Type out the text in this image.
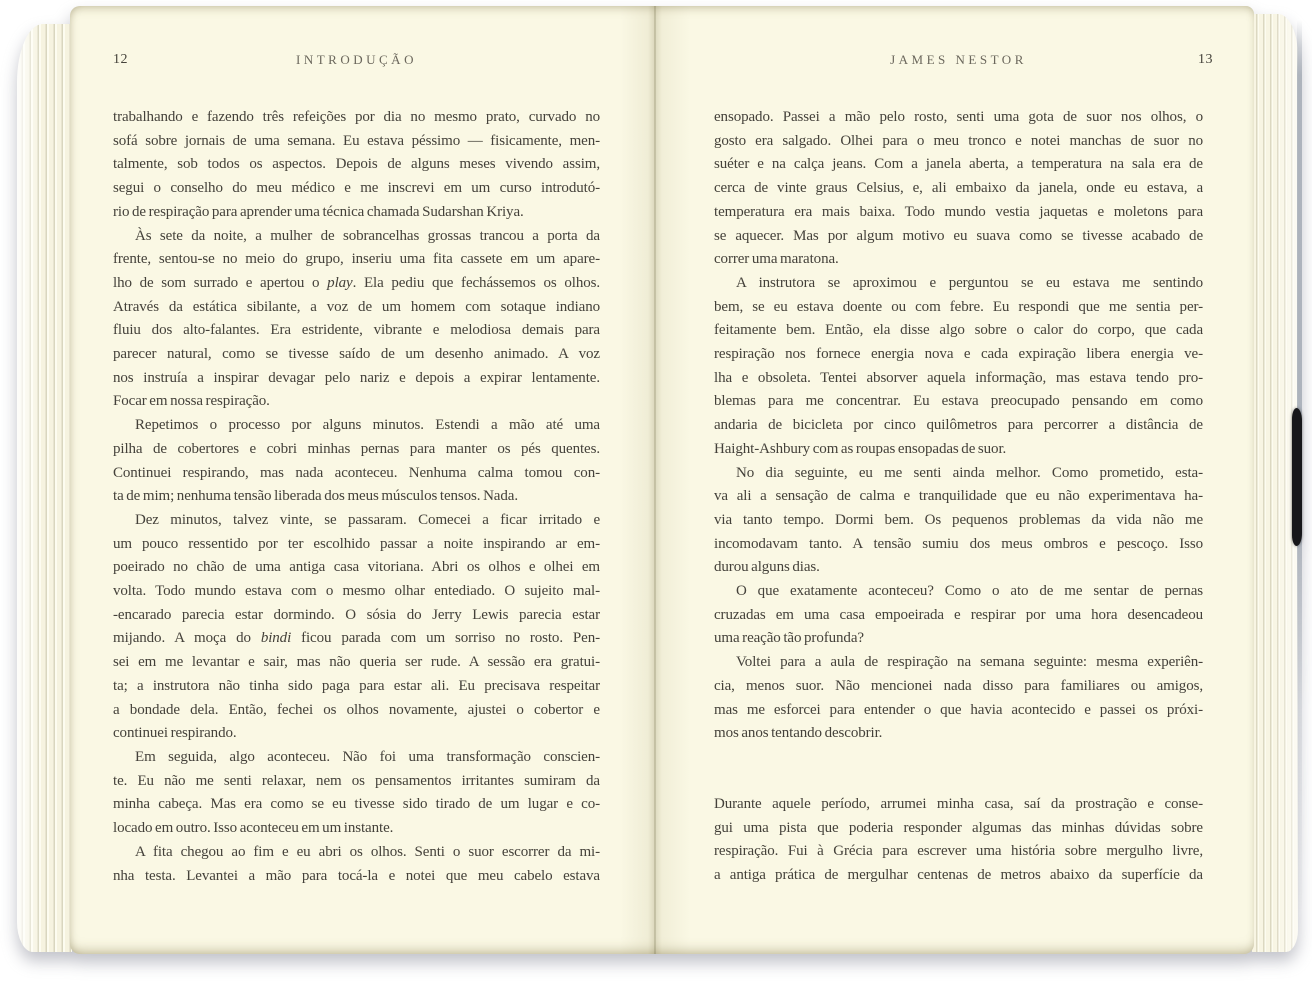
12	INTRODUÇÃO
trabalhando e fazendo três refeições por dia no mesmo prato, curvado no
sofá sobre jornais de uma semana. Eu estava péssimo — fisicamente, men-
talmente, sob todos os aspectos. Depois de alguns meses vivendo assim,
segui o conselho do meu médico e me inscrevi em um curso introdutó-
rio de respiração para aprender uma técnica chamada Sudarshan Kriya.
Às sete da noite, a mulher de sobrancelhas grossas trancou a porta da
frente, sentou-se no meio do grupo, inseriu uma fita cassete em um apare-
lho de som surrado e apertou o play. Ela pediu que fechássemos os olhos.
Através da estática sibilante, a voz de um homem com sotaque indiano
fluiu dos alto-falantes. Era estridente, vibrante e melodiosa demais para
parecer natural, como se tivesse saído de um desenho animado. A voz
nos instruía a inspirar devagar pelo nariz e depois a expirar lentamente.
Focar em nossa respiração.
Repetimos o processo por alguns minutos. Estendi a mão até uma
pilha de cobertores e cobri minhas pernas para manter os pés quentes.
Continuei respirando, mas nada aconteceu. Nenhuma calma tomou con-
ta de mim; nenhuma tensão liberada dos meus músculos tensos. Nada.
Dez minutos, talvez vinte, se passaram. Comecei a ficar irritado e
um pouco ressentido por ter escolhido passar a noite inspirando ar em-
poeirado no chão de uma antiga casa vitoriana. Abri os olhos e olhei em
volta. Todo mundo estava com o mesmo olhar entediado. O sujeito mal-
-encarado parecia estar dormindo. O sósia do Jerry Lewis parecia estar
mijando. A moça do bindi ficou parada com um sorriso no rosto. Pen-
sei em me levantar e sair, mas não queria ser rude. A sessão era gratui-
ta; a instrutora não tinha sido paga para estar ali. Eu precisava respeitar
a bondade dela. Então, fechei os olhos novamente, ajustei o cobertor e
continuei respirando.
Em seguida, algo aconteceu. Não foi uma transformação conscien-
te. Eu não me senti relaxar, nem os pensamentos irritantes sumiram da
minha cabeça. Mas era como se eu tivesse sido tirado de um lugar e co-
locado em outro. Isso aconteceu em um instante.
A fita chegou ao fim e eu abri os olhos. Senti o suor escorrer da mi-
nha testa. Levantei a mão para tocá-la e notei que meu cabelo estava
JAMES NESTOR	13
ensopado. Passei a mão pelo rosto, senti uma gota de suor nos olhos, o
gosto era salgado. Olhei para o meu tronco e notei manchas de suor no
suéter e na calça jeans. Com a janela aberta, a temperatura na sala era de
cerca de vinte graus Celsius, e, ali embaixo da janela, onde eu estava, a
temperatura era mais baixa. Todo mundo vestia jaquetas e moletons para
se aquecer. Mas por algum motivo eu suava como se tivesse acabado de
correr uma maratona.
A instrutora se aproximou e perguntou se eu estava me sentindo
bem, se eu estava doente ou com febre. Eu respondi que me sentia per-
feitamente bem. Então, ela disse algo sobre o calor do corpo, que cada
respiração nos fornece energia nova e cada expiração libera energia ve-
lha e obsoleta. Tentei absorver aquela informação, mas estava tendo pro-
blemas para me concentrar. Eu estava preocupado pensando em como
andaria de bicicleta por cinco quilômetros para percorrer a distância de
Haight-Ashbury com as roupas ensopadas de suor.
No dia seguinte, eu me senti ainda melhor. Como prometido, esta-
va ali a sensação de calma e tranquilidade que eu não experimentava ha-
via tanto tempo. Dormi bem. Os pequenos problemas da vida não me
incomodavam tanto. A tensão sumiu dos meus ombros e pescoço. Isso
durou alguns dias.
O que exatamente aconteceu? Como o ato de me sentar de pernas
cruzadas em uma casa empoeirada e respirar por uma hora desencadeou
uma reação tão profunda?
Voltei para a aula de respiração na semana seguinte: mesma experiên-
cia, menos suor. Não mencionei nada disso para familiares ou amigos,
mas me esforcei para entender o que havia acontecido e passei os próxi-
mos anos tentando descobrir.
Durante aquele período, arrumei minha casa, saí da prostração e conse-
gui uma pista que poderia responder algumas das minhas dúvidas sobre
respiração. Fui à Grécia para escrever uma história sobre mergulho livre,
a antiga prática de mergulhar centenas de metros abaixo da superfície da
